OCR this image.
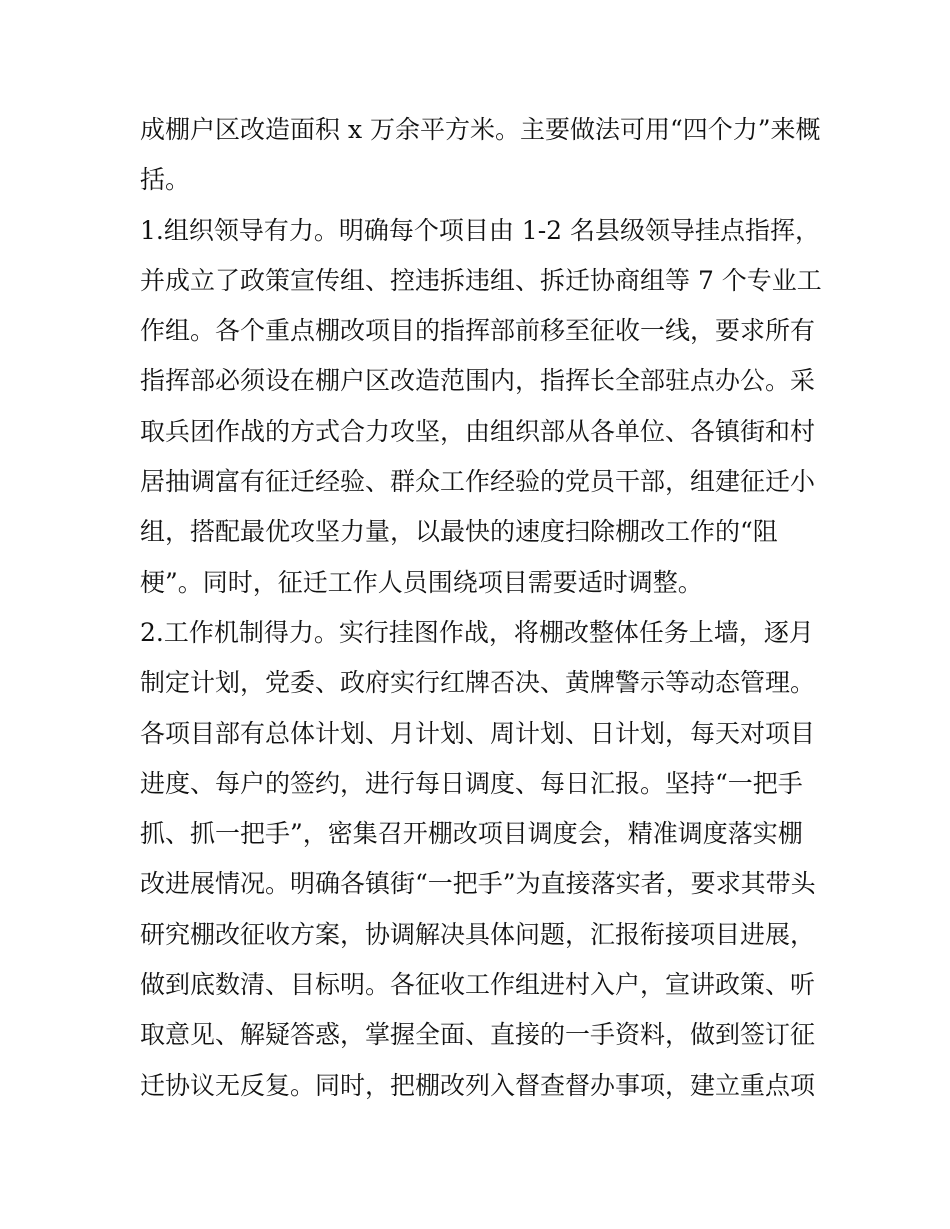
成棚户区改造面积 x 万余平方米。主要做法可用“四个力”来概
括。
1.组织领导有力。明确每个项目由 1-2 名县级领导挂点指挥，
并成立了政策宣传组、控违拆违组、拆迁协商组等 7 个专业工
作组。各个重点棚改项目的指挥部前移至征收一线，要求所有
指挥部必须设在棚户区改造范围内，指挥长全部驻点办公。采
取兵团作战的方式合力攻坚，由组织部从各单位、各镇街和村
居抽调富有征迁经验、群众工作经验的党员干部，组建征迁小
组，搭配最优攻坚力量，以最快的速度扫除棚改工作的“阻
梗”。同时，征迁工作人员围绕项目需要适时调整。
2.工作机制得力。实行挂图作战，将棚改整体任务上墙，逐月
制定计划，党委、政府实行红牌否决、黄牌警示等动态管理。
各项目部有总体计划、月计划、周计划、日计划，每天对项目
进度、每户的签约，进行每日调度、每日汇报。坚持“一把手
抓、抓一把手”，密集召开棚改项目调度会，精准调度落实棚
改进展情况。明确各镇街“一把手”为直接落实者，要求其带头
研究棚改征收方案，协调解决具体问题，汇报衔接项目进展，
做到底数清、目标明。各征收工作组进村入户，宣讲政策、听
取意见、解疑答惑，掌握全面、直接的一手资料，做到签订征
迁协议无反复。同时，把棚改列入督查督办事项，建立重点项
